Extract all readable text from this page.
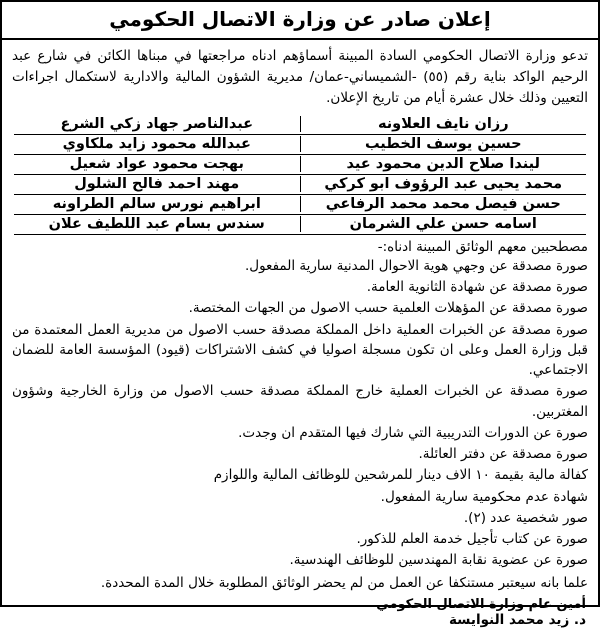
إعلان صادر عن وزارة الاتصال الحكومي

تدعو وزارة الاتصال الحكومي السادة المبينة أسماؤهم ادناه مراجعتها في مبناها الكائن في شارع عبد الرحيم الواكد بناية رقم (٥٥) -الشميساني-عمان/ مديرية الشؤون المالية والادارية لاستكمال اجراءات التعيين وذلك خلال عشرة أيام من تاريخ الإعلان.

رزان نايف العلاونه
عبدالناصر جهاد زكي الشرع
حسين يوسف الخطيب
عبدالله محمود زايد ملكاوي
ليندا صلاح الدين محمود عيد
بهجت محمود عواد شعيل
محمد يحيى عبد الرؤوف ابو كركي
مهند احمد فالح الشلول
حسن فيصل محمد محمد الرفاعي
ابراهيم نورس سالم الطراونه
اسامه حسن علي الشرمان
سندس بسام عبد اللطيف علان
مصطحبين معهم الوثائق المبينة ادناه:-
صورة مصدقة عن وجهي هوية الاحوال المدنية سارية المفعول.
صورة مصدقة عن شهادة الثانوية العامة.
صورة مصدقة عن المؤهلات العلمية حسب الاصول من الجهات المختصة.
صورة مصدقة عن الخبرات العملية داخل المملكة مصدقة حسب الاصول من مديرية العمل المعتمدة من قبل وزارة العمل وعلى ان تكون مسجلة اصوليا في كشف الاشتراكات (قيود) المؤسسة العامة للضمان الاجتماعي.
صورة مصدقة عن الخبرات العملية خارج المملكة مصدقة حسب الاصول من وزارة الخارجية وشؤون المغتربين.
صورة عن الدورات التدريبية التي شارك فيها المتقدم ان وجدت.
صورة مصدقة عن دفتر العائلة.
كفالة مالية بقيمة ١٠ الاف دينار للمرشحين للوظائف المالية واللوازم
شهادة عدم محكومية سارية المفعول.
صور شخصية عدد (٢).
صورة عن كتاب تأجيل خدمة العلم للذكور.
صورة عن عضوية نقابة المهندسين للوظائف الهندسية.
علما بانه سيعتبر مستنكفا عن العمل من لم يحضر الوثائق المطلوبة خلال المدة المحددة.
أمين عام وزارة الاتصال الحكومي
د. زيد محمد النوايسة
